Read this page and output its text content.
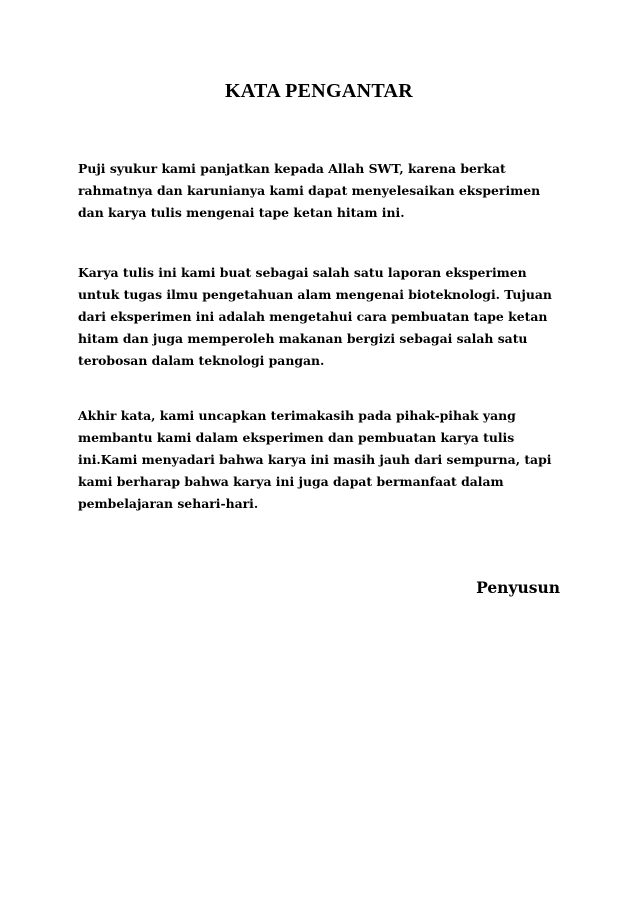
KATA PENGANTAR

Puji syukur kami panjatkan kepada Allah SWT, karena berkat
rahmatnya dan karunianya kami dapat menyelesaikan eksperimen
dan karya tulis mengenai tape ketan hitam ini.

Karya tulis ini kami buat sebagai salah satu laporan eksperimen
untuk tugas ilmu pengetahuan alam mengenai bioteknologi. Tujuan
dari eksperimen ini adalah mengetahui cara pembuatan tape ketan
hitam dan juga memperoleh makanan bergizi sebagai salah satu
terobosan dalam teknologi pangan.

Akhir kata, kami uncapkan terimakasih pada pihak-pihak yang
membantu kami dalam eksperimen dan pembuatan karya tulis
ini.Kami menyadari bahwa karya ini masih jauh dari sempurna, tapi
kami berharap bahwa karya ini juga dapat bermanfaat dalam
pembelajaran sehari-hari.

Penyusun
